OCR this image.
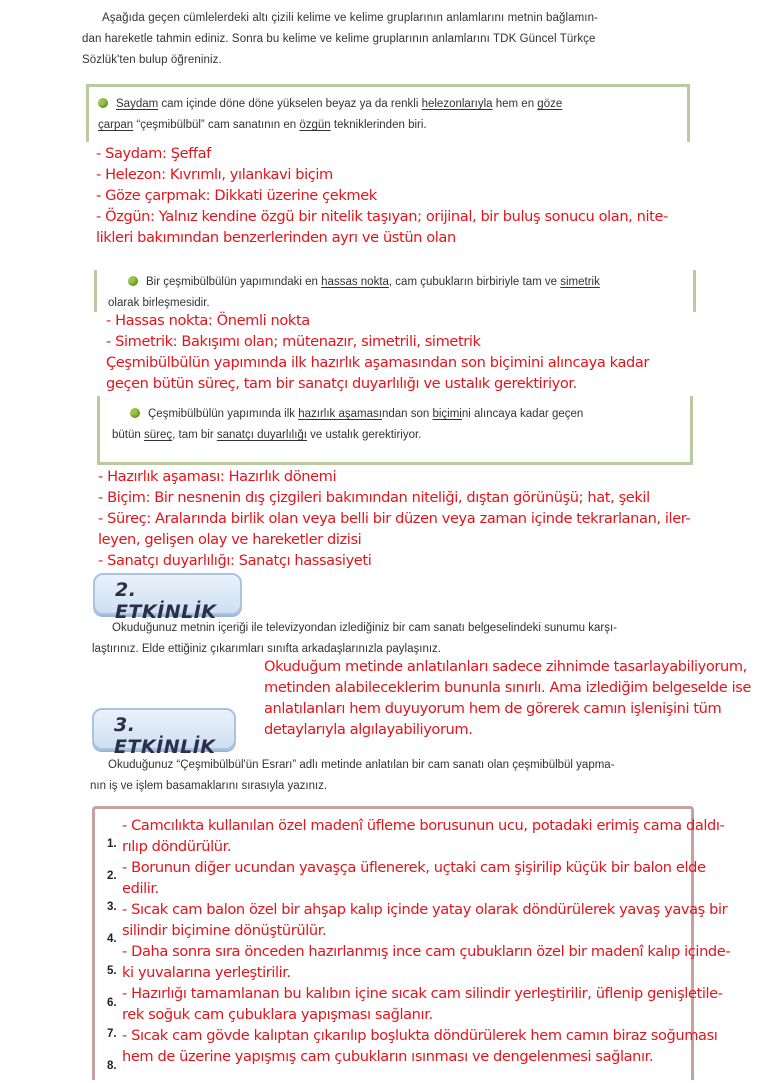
Aşağıda geçen cümlelerdeki altı çizili kelime ve kelime gruplarının anlamlarını metnin bağlamın-
dan hareketle tahmin ediniz. Sonra bu kelime ve kelime gruplarının anlamlarını TDK Güncel Türkçe
Sözlük'ten bulup öğreniniz.
Saydam cam içinde döne döne yükselen beyaz ya da renkli helezonlarıyla hem en göze
çarpan “çeşmibülbül” cam sanatının en özgün tekniklerinden biri.
- Saydam: Şeffaf
- Helezon: Kıvrımlı, yılankavi biçim
- Göze çarpmak: Dikkati üzerine çekmek
- Özgün: Yalnız kendine özgü bir nitelik taşıyan; orijinal, bir buluş sonucu olan, nite-
likleri bakımından benzerlerinden ayrı ve üstün olan
Bir çeşmibülbülün yapımındaki en hassas nokta, cam çubukların birbiriyle tam ve simetrik
olarak birleşmesidir.
- Hassas nokta: Önemli nokta
- Simetrik: Bakışımı olan; mütenazır, simetrili, simetrik
Çeşmibülbülün yapımında ilk hazırlık aşamasından son biçimini alıncaya kadar
geçen bütün süreç, tam bir sanatçı duyarlılığı ve ustalık gerektiriyor.
Çeşmibülbülün yapımında ilk hazırlık aşamasından son biçimini alıncaya kadar geçen
bütün süreç, tam bir sanatçı duyarlılığı ve ustalık gerektiriyor.
- Hazırlık aşaması: Hazırlık dönemi
- Biçim: Bir nesnenin dış çizgileri bakımından niteliği, dıştan görünüşü; hat, şekil
- Süreç: Aralarında birlik olan veya belli bir düzen veya zaman içinde tekrarlanan, iler-
leyen, gelişen olay ve hareketler dizisi
- Sanatçı duyarlılığı: Sanatçı hassasiyeti
2. ETKİNLİK
Okuduğunuz metnin içeriği ile televizyondan izlediğiniz bir cam sanatı belgeselindeki sunumu karşı-
laştırınız. Elde ettiğiniz çıkarımları sınıfta arkadaşlarınızla paylaşınız.
Okuduğum metinde anlatılanları sadece zihnimde tasarlayabiliyorum,
metinden alabileceklerim bununla sınırlı. Ama izlediğim belgeselde ise
anlatılanları hem duyuyorum hem de görerek camın işlenişini tüm
detaylarıyla algılayabiliyorum.
3. ETKİNLİK
Okuduğunuz “Çeşmibülbül'ün Esrarı” adlı metinde anlatılan bir cam sanatı olan çeşmibülbül yapma-
nın iş ve işlem basamaklarını sırasıyla yazınız.
1.
2.
3.
4.
5.
6.
7.
8.
- Camcılıkta kullanılan özel madenî üfleme borusunun ucu, potadaki erimiş cama daldı-
rılıp döndürülür.
- Borunun diğer ucundan yavaşça üflenerek, uçtaki cam şişirilip küçük bir balon elde
edilir.
- Sıcak cam balon özel bir ahşap kalıp içinde yatay olarak döndürülerek yavaş yavaş bir
silindir biçimine dönüştürülür.
- Daha sonra sıra önceden hazırlanmış ince cam çubukların özel bir madenî kalıp içinde-
ki yuvalarına yerleştirilir.
- Hazırlığı tamamlanan bu kalıbın içine sıcak cam silindir yerleştirilir, üflenip genişletile-
rek soğuk cam çubuklara yapışması sağlanır.
- Sıcak cam gövde kalıptan çıkarılıp boşlukta döndürülerek hem camın biraz soğuması
hem de üzerine yapışmış cam çubukların ısınması ve dengelenmesi sağlanır.
